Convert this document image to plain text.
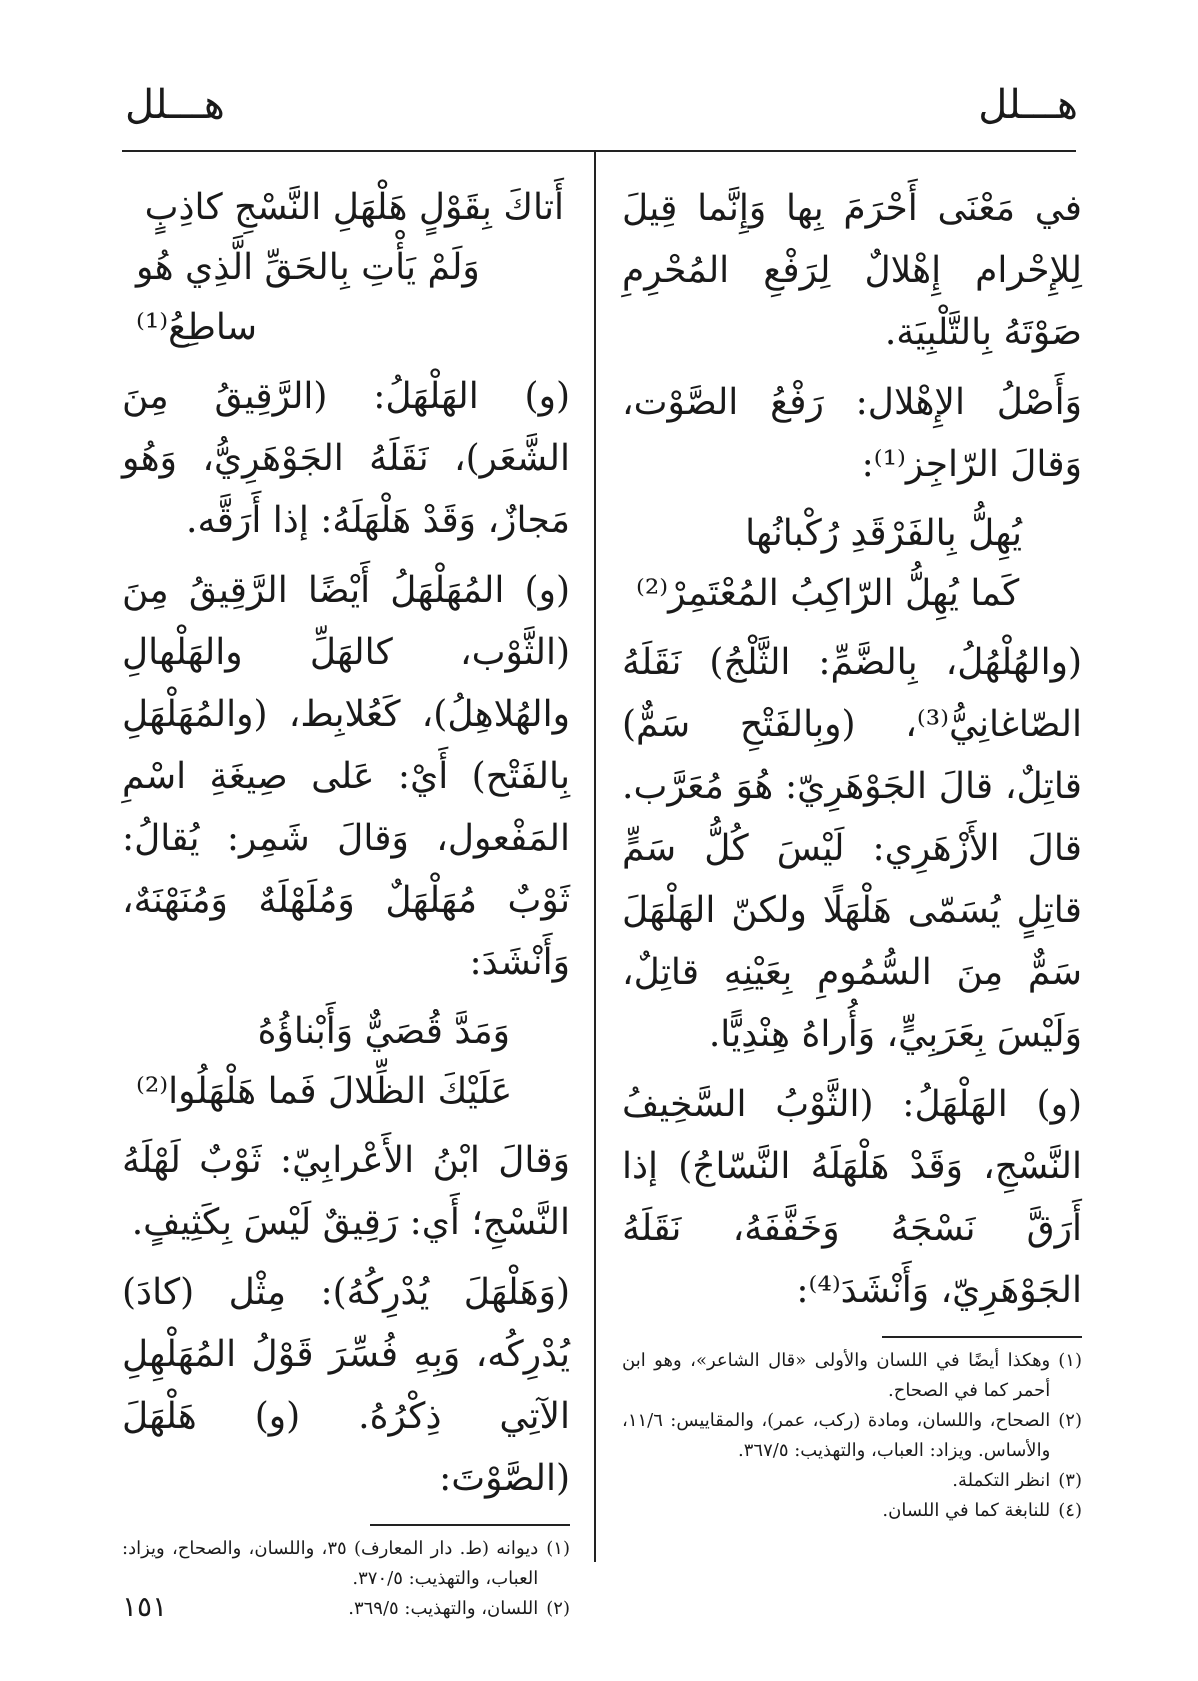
هـــلل
هـــلل

في مَعْنَى أَحْرَمَ بِها وَإِنَّما قِيلَ لِلإِحْرام إِهْلالٌ لِرَفْعِ المُحْرِمِ صَوْتَهُ بِالتَّلْبِيَة.

وَأَصْلُ الإِهْلال: رَفْعُ الصَّوْت، وَقالَ الرّاجِز⁽¹⁾:

يُهِلُّ بِالفَرْقَدِ رُكْبانُها
كَما يُهِلُّ الرّاكِبُ المُعْتَمِرْ⁽²⁾

(والهُلْهُلُ، بِالضَّمِّ: الثَّلْجُ) نَقَلَهُ الصّاغانِيُّ⁽³⁾، (وبِالفَتْحِ سَمٌّ) قاتِلٌ، قالَ الجَوْهَرِيّ: هُوَ مُعَرَّب. قالَ الأَزْهَرِي: لَيْسَ كُلُّ سَمٍّ قاتِلٍ يُسَمّى هَلْهَلًا ولكنّ الهَلْهَلَ سَمٌّ مِنَ السُّمُومِ بِعَيْنِهِ قاتِلٌ، وَلَيْسَ بِعَرَبِيٍّ، وَأُراهُ هِنْدِيًّا.

(و) الهَلْهَلُ: (الثَّوْبُ السَّخِيفُ النَّسْجِ، وَقَدْ هَلْهَلَهُ النَّسّاجُ) إذا أَرَقَّ نَسْجَهُ وَخَفَّفَهُ، نَقَلَهُ الجَوْهَرِيّ، وَأَنْشَدَ⁽⁴⁾:

(١)
وهكذا أيضًا في اللسان والأولى «قال الشاعر»، وهو ابن أحمر كما في الصحاح.
(٢)
الصحاح، واللسان، ومادة (ركب، عمر)، والمقاييس: ١١/٦، والأساس. ويزاد: العباب، والتهذيب: ٣٦٧/٥.
(٣)
انظر التكملة.
(٤)
للنابغة كما في اللسان.
أَتاكَ بِقَوْلٍ هَلْهَلِ النَّسْجِ كاذِبٍ
وَلَمْ يَأْتِ بِالحَقِّ الَّذِي هُو ساطِعُ⁽¹⁾

(و) الهَلْهَلُ: (الرَّقِيقُ مِنَ الشَّعَر)، نَقَلَهُ الجَوْهَرِيُّ، وَهُو مَجازٌ، وَقَدْ هَلْهَلَهُ: إذا أَرَقَّه.

(و) المُهَلْهَلُ أَيْضًا الرَّقِيقُ مِنَ (الثَّوْب، كالهَلِّ والهَلْهالِ والهُلاهِلُ)، كَعُلابِط، (والمُهَلْهَلِ بِالفَتْح) أَيْ: عَلى صِيغَةِ اسْمِ المَفْعول، وَقالَ شَمِر: يُقالُ: ثَوْبٌ مُهَلْهَلٌ وَمُلَهْلَهٌ وَمُنَهْنَهٌ، وَأَنْشَدَ:

وَمَدَّ قُصَيٌّ وَأَبْناؤُهُ
عَلَيْكَ الظِّلالَ فَما هَلْهَلُوا⁽²⁾

وَقالَ ابْنُ الأَعْرابِيّ: ثَوْبٌ لَهْلَهُ النَّسْجِ؛ أَي: رَقِيقٌ لَيْسَ بِكَثِيفٍ.

(وَهَلْهَلَ يُدْرِكُهُ): مِثْل (كادَ) يُدْرِكُه، وَبِهِ فُسِّرَ قَوْلُ المُهَلْهِلِ الآتِي ذِكْرُهُ. (و) هَلْهَلَ (الصَّوْتَ:

(١)
ديوانه (ط. دار المعارف) ٣٥، واللسان، والصحاح، ويزاد: العباب، والتهذيب: ٣٧٠/٥.
(٢)
اللسان، والتهذيب: ٣٦٩/٥.
١٥١
